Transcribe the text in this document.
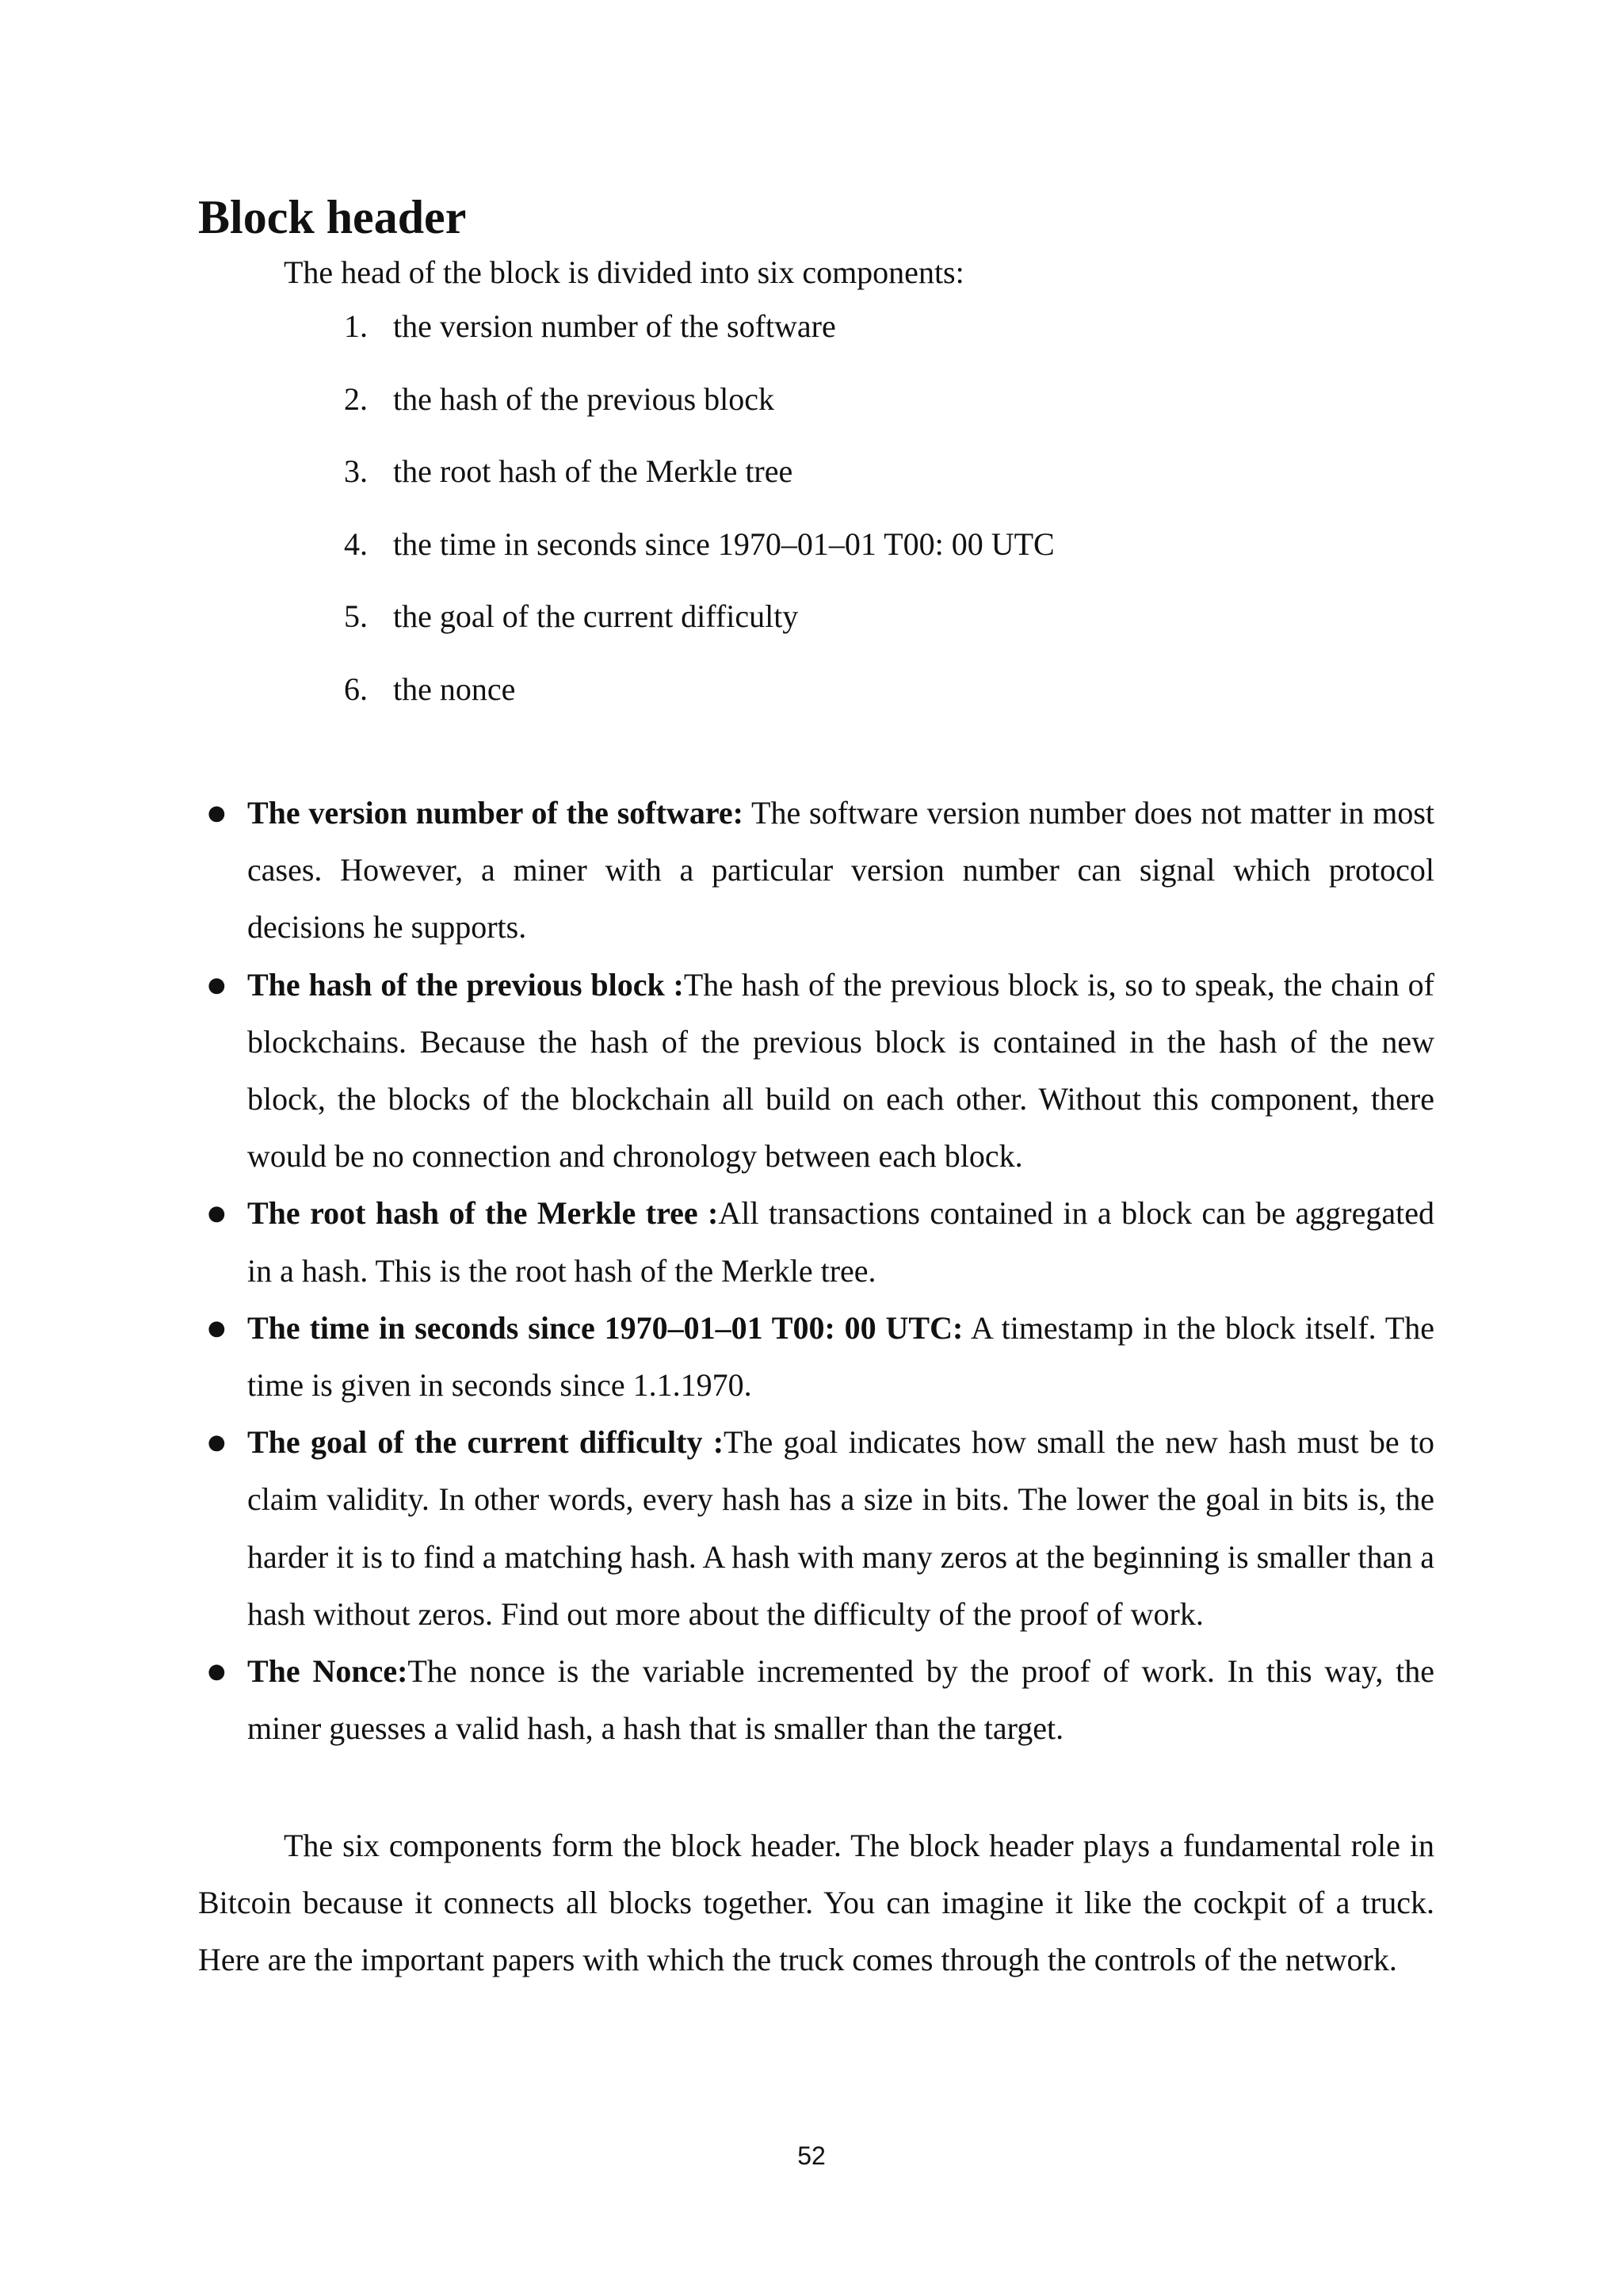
Block header

The head of the block is divided into six components:

1. the version number of the software
2. the hash of the previous block
3. the root hash of the Merkle tree
4. the time in seconds since 1970–01–01 T00: 00 UTC
5. the goal of the current difficulty
6. the nonce
● The version number of the software: The software version number does not matter in most cases. However, a miner with a particular version number can signal which protocol decisions he supports.
● The hash of the previous block :The hash of the previous block is, so to speak, the chain of blockchains. Because the hash of the previous block is contained in the hash of the new block, the blocks of the blockchain all build on each other. Without this component, there would be no connection and chronology between each block.
● The root hash of the Merkle tree :All transactions contained in a block can be aggregated in a hash. This is the root hash of the Merkle tree.
● The time in seconds since 1970–01–01 T00: 00 UTC: A timestamp in the block itself. The time is given in seconds since 1.1.1970.
● The goal of the current difficulty :The goal indicates how small the new hash must be to claim validity. In other words, every hash has a size in bits. The lower the goal in bits is, the harder it is to find a matching hash. A hash with many zeros at the beginning is smaller than a hash without zeros. Find out more about the difficulty of the proof of work.
● The Nonce:The nonce is the variable incremented by the proof of work. In this way, the miner guesses a valid hash, a hash that is smaller than the target.

The six components form the block header. The block header plays a fundamental role in Bitcoin because it connects all blocks together. You can imagine it like the cockpit of a truck. Here are the important papers with which the truck comes through the controls of the network.

52
